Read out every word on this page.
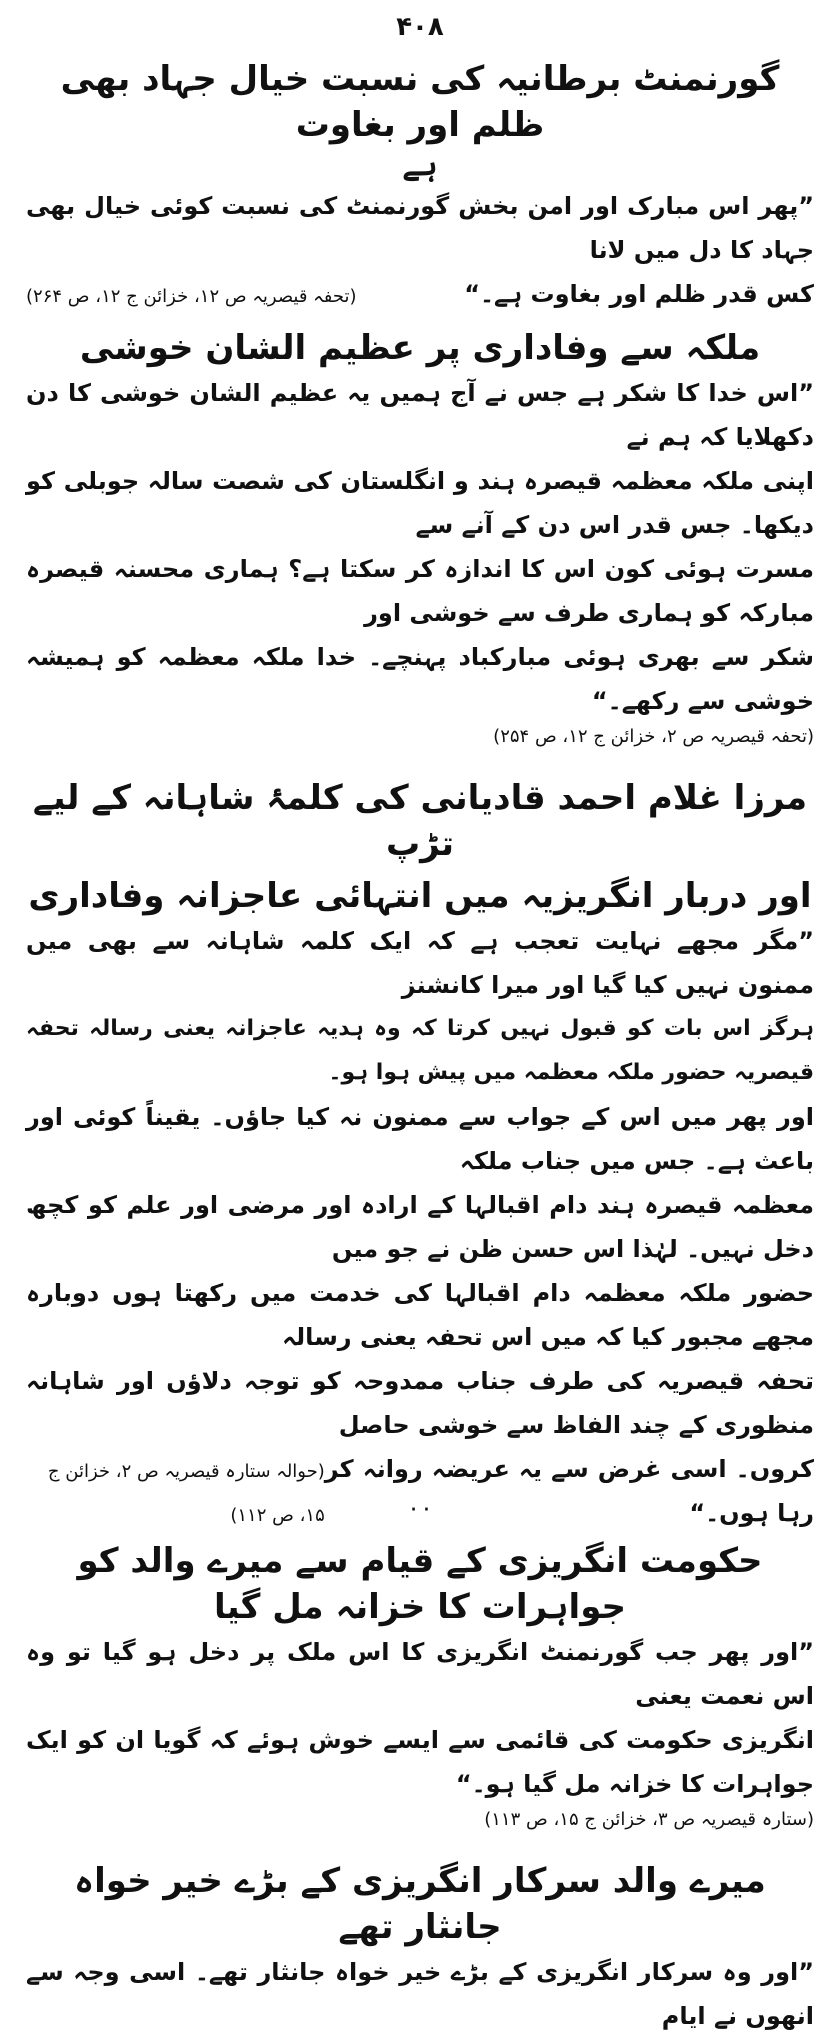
۴۰۸
گورنمنٹ برطانیہ کی نسبت خیال جہاد بھی ظلم اور بغاوت
ہے

”پھر اس مبارک اور امن بخش گورنمنٹ کی نسبت کوئی خیال بھی جہاد کا دل میں لانا

کس قدر ظلم اور بغاوت ہے۔“
(تحفہ قیصریہ ص ۱۲، خزائن ج ۱۲، ص ۲۶۴)
ملکہ سے وفاداری پر عظیم الشان خوشی

”اس خدا کا شکر ہے جس نے آج ہمیں یہ عظیم الشان خوشی کا دن دکھلایا کہ ہم نے

اپنی ملکہ معظمہ قیصرہ ہند و انگلستان کی شصت سالہ جوبلی کو دیکھا۔ جس قدر اس دن کے آنے سے

مسرت ہوئی کون اس کا اندازہ کر سکتا ہے؟ ہماری محسنہ قیصرہ مبارکہ کو ہماری طرف سے خوشی اور

شکر سے بھری ہوئی مبارکباد پہنچے۔ خدا ملکہ معظمہ کو ہمیشہ خوشی سے رکھے۔“

(تحفہ قیصریہ ص ۲، خزائن ج ۱۲، ص ۲۵۴)

مرزا غلام احمد قادیانی کی کلمۂ شاہانہ کے لیے تڑپ
اور دربار انگریزیہ میں انتہائی عاجزانہ وفاداری

”مگر مجھے نہایت تعجب ہے کہ ایک کلمہ شاہانہ سے بھی میں ممنون نہیں کیا گیا اور میرا کانشنز

ہرگز اس بات کو قبول نہیں کرتا کہ وہ ہدیہ عاجزانہ یعنی رسالہ تحفہ قیصریہ حضور ملکہ معظمہ میں پیش ہوا ہو۔

اور پھر میں اس کے جواب سے ممنون نہ کیا جاؤں۔ یقیناً کوئی اور باعث ہے۔ جس میں جناب ملکہ

معظمہ قیصرہ ہند دام اقبالہا کے ارادہ اور مرضی اور علم کو کچھ دخل نہیں۔ لہٰذا اس حسن ظن نے جو میں

حضور ملکہ معظمہ دام اقبالہا کی خدمت میں رکھتا ہوں دوبارہ مجھے مجبور کیا کہ میں اس تحفہ یعنی رسالہ

تحفہ قیصریہ کی طرف جناب ممدوحہ کو توجہ دلاؤں اور شاہانہ منظوری کے چند الفاظ سے خوشی حاصل

کروں۔ اسی غرض سے یہ عریضہ روانہ کر رہا ہوں۔“
(حوالہ ستارہ قیصریہ ص ۲، خزائن ج ۱۵، ص ۱۱۲)
حکومت انگریزی کے قیام سے میرے والد کو جواہرات کا خزانہ مل گیا

”اور پھر جب گورنمنٹ انگریزی کا اس ملک پر دخل ہو گیا تو وہ اس نعمت یعنی

انگریزی حکومت کی قائمی سے ایسے خوش ہوئے کہ گویا ان کو ایک جواہرات کا خزانہ مل گیا ہو۔“

(ستارہ قیصریہ ص ۳، خزائن ج ۱۵، ص ۱۱۳)

میرے والد سرکار انگریزی کے بڑے خیر خواہ جانثار تھے

”اور وہ سرکار انگریزی کے بڑے خیر خواہ جانثار تھے۔ اسی وجہ سے انھوں نے ایام

۰۰
